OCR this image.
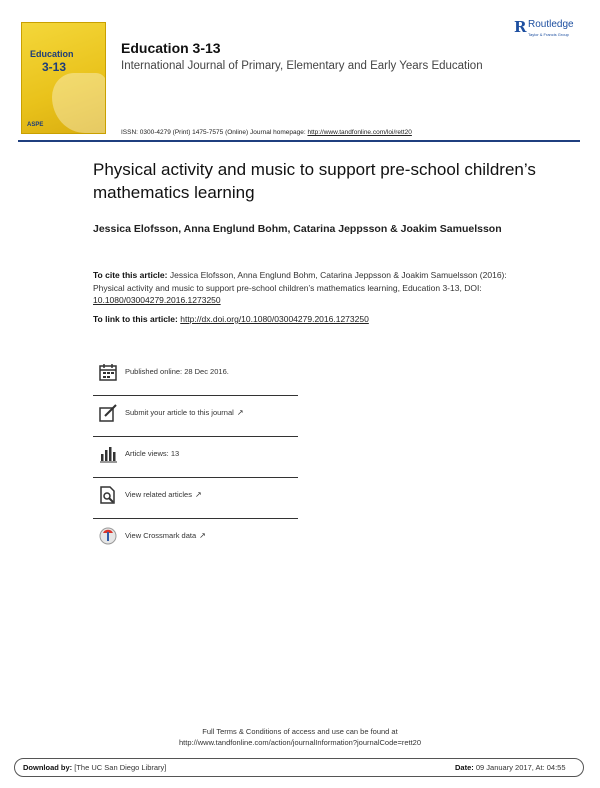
Education
3-13
ASPE
Education 3-13
International Journal of Primary, Elementary and Early Years Education
R Routledge
Taylor & Francis Group
ISSN: 0300-4279 (Print) 1475-7575 (Online) Journal homepage: http://www.tandfonline.com/loi/rett20
Physical activity and music to support pre-school children’s mathematics learning
Jessica Elofsson, Anna Englund Bohm, Catarina Jeppsson & Joakim Samuelsson
To cite this article: Jessica Elofsson, Anna Englund Bohm, Catarina Jeppsson & Joakim Samuelsson (2016): Physical activity and music to support pre-school children’s mathematics learning, Education 3-13, DOI: 10.1080/03004279.2016.1273250
To link to this article: http://dx.doi.org/10.1080/03004279.2016.1273250
Published online: 28 Dec 2016.
Submit your article to this journal ↗
Article views: 13
View related articles ↗
View Crossmark data ↗
Full Terms & Conditions of access and use can be found at
http://www.tandfonline.com/action/journalInformation?journalCode=rett20
Download by: [The UC San Diego Library]	Date: 09 January 2017, At: 04:55
